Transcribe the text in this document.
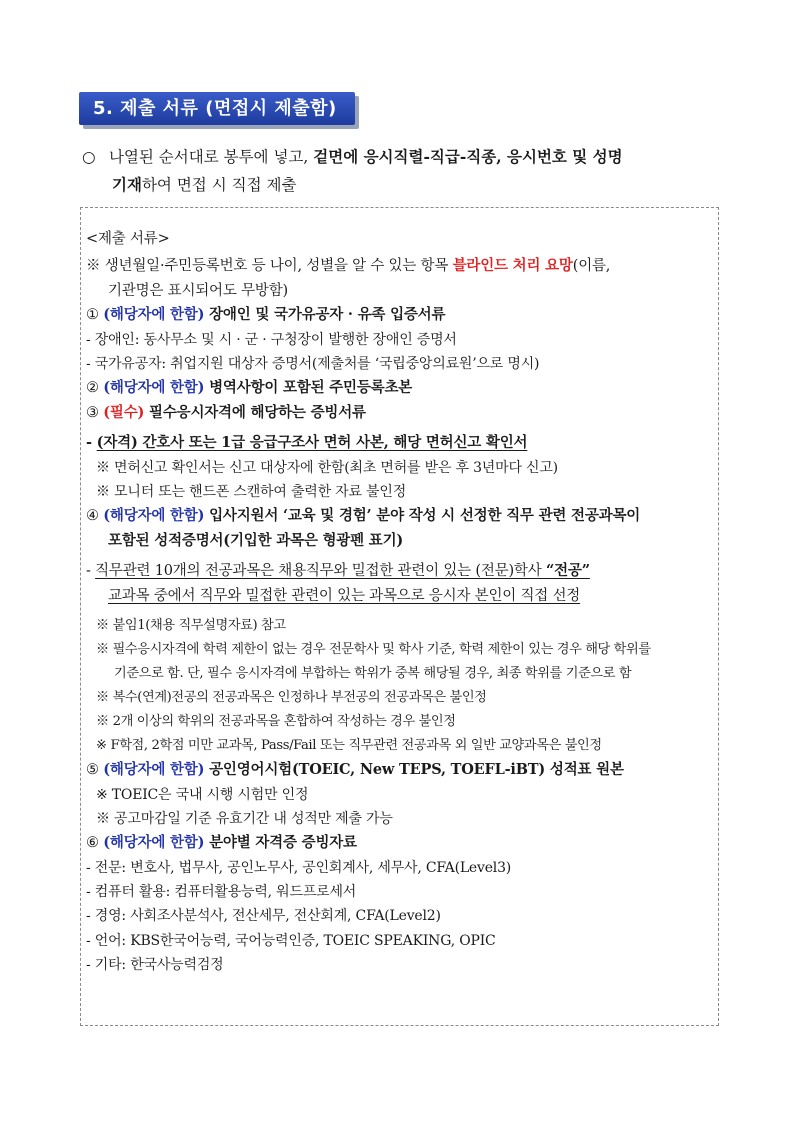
5. 제출 서류 (면접시 제출함)
○ 나열된 순서대로 봉투에 넣고, 겉면에 응시직렬-직급-직종, 응시번호 및 성명
기재하여 면접 시 직접 제출
<제출 서류>
※ 생년월일·주민등록번호 등 나이, 성별을 알 수 있는 항목 블라인드 처리 요망(이름,
기관명은 표시되어도 무방함)
① (해당자에 한함) 장애인 및 국가유공자 · 유족 입증서류
- 장애인: 동사무소 및 시 · 군 · 구청장이 발행한 장애인 증명서
- 국가유공자: 취업지원 대상자 증명서(제출처를 ‘국립중앙의료원’으로 명시)
② (해당자에 한함) 병역사항이 포함된 주민등록초본
③ (필수) 필수응시자격에 해당하는 증빙서류
- (자격) 간호사 또는 1급 응급구조사 면허 사본, 해당 면허신고 확인서
※ 면허신고 확인서는 신고 대상자에 한함(최초 면허를 받은 후 3년마다 신고)
※ 모니터 또는 핸드폰 스캔하여 출력한 자료 불인정
④ (해당자에 한함) 입사지원서 ‘교육 및 경험’ 분야 작성 시 선정한 직무 관련 전공과목이
포함된 성적증명서(기입한 과목은 형광펜 표기)
- 직무관련 10개의 전공과목은 채용직무와 밀접한 관련이 있는 (전문)학사 “전공”
교과목 중에서 직무와 밀접한 관련이 있는 과목으로 응시자 본인이 직접 선정
※ 붙임1(채용 직무설명자료) 참고
※ 필수응시자격에 학력 제한이 없는 경우 전문학사 및 학사 기준, 학력 제한이 있는 경우 해당 학위를
기준으로 함. 단, 필수 응시자격에 부합하는 학위가 중복 해당될 경우, 최종 학위를 기준으로 함
※ 복수(연계)전공의 전공과목은 인정하나 부전공의 전공과목은 불인정
※ 2개 이상의 학위의 전공과목을 혼합하여 작성하는 경우 불인정
※ F학점, 2학점 미만 교과목, Pass/Fail 또는 직무관련 전공과목 외 일반 교양과목은 불인정
⑤ (해당자에 한함) 공인영어시험(TOEIC, New TEPS, TOEFL-iBT) 성적표 원본
※ TOEIC은 국내 시행 시험만 인정
※ 공고마감일 기준 유효기간 내 성적만 제출 가능
⑥ (해당자에 한함) 분야별 자격증 증빙자료
- 전문: 변호사, 법무사, 공인노무사, 공인회계사, 세무사, CFA(Level3)
- 컴퓨터 활용: 컴퓨터활용능력, 워드프로세서
- 경영: 사회조사분석사, 전산세무, 전산회계, CFA(Level2)
- 언어: KBS한국어능력, 국어능력인증, TOEIC SPEAKING, OPIC
- 기타: 한국사능력검정
